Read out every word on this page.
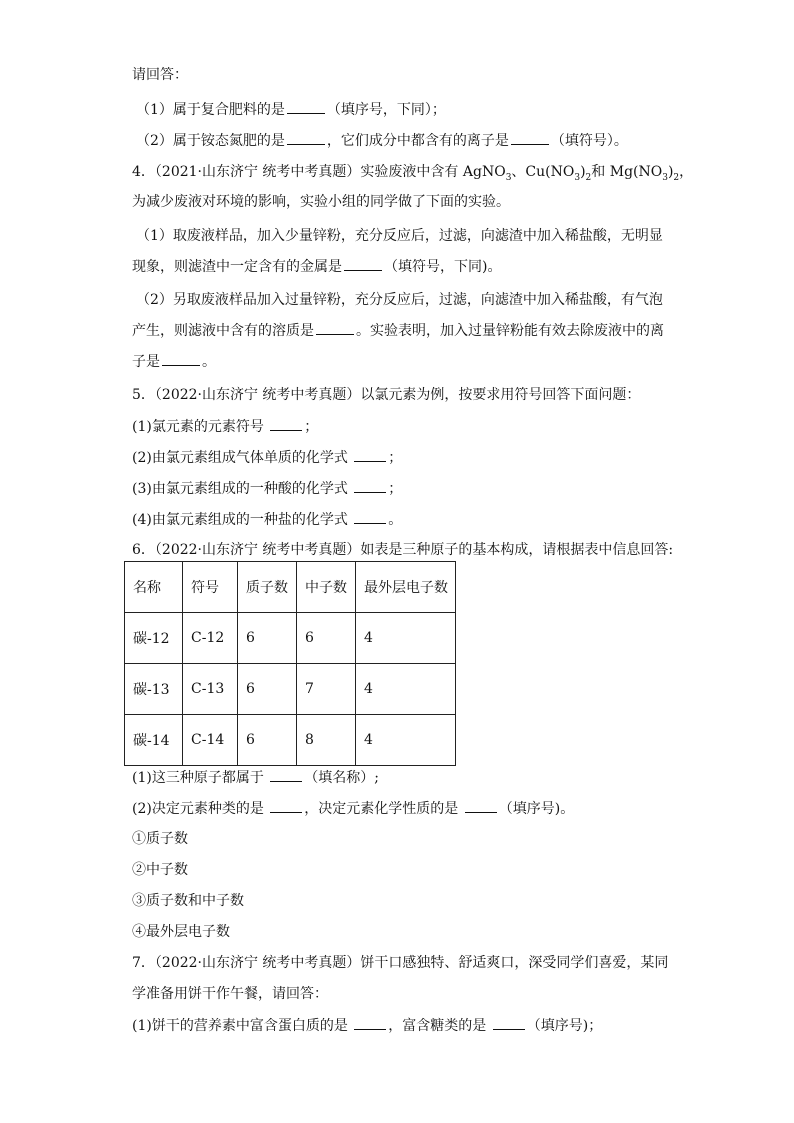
请回答：
（1）属于复合肥料的是	（填序号，下同）；
（2）属于铵态氮肥的是	，它们成分中都含有的离子是	（填符号）。
4．（2021·山东济宁 统考中考真题）实验废液中含有 AgNO$_3$、$Cu(NO_3)_2$和 $Mg(NO_3)_2$，
为减少废液对环境的影响，实验小组的同学做了下面的实验。
（1）取废液样品，加入少量锌粉，充分反应后，过滤，向滤渣中加入稀盐酸，无明显
现象，则滤渣中一定含有的金属是	（填符号，下同)。
（2）另取废液样品加入过量锌粉，充分反应后，过滤，向滤渣中加入稀盐酸，有气泡
产生，则滤液中含有的溶质是	。实验表明，加入过量锌粉能有效去除废液中的离
子是	。
5．（2022·山东济宁 统考中考真题）以氯元素为例，按要求用符号回答下面问题：
(1)氯元素的元素符号	；
(2)由氯元素组成气体单质的化学式	；
(3)由氯元素组成的一种酸的化学式	；
(4)由氯元素组成的一种盐的化学式	。
6．（2022·山东济宁 统考中考真题）如表是三种原子的基本构成，请根据表中信息回答:
名称	符号	质子数	中子数	最外层电子数
碳-12	C-12	6	6	4
碳-13	C-13	6	7	4
碳-14	C-14	6	8	4
(1)这三种原子都属于	（填名称）;
(2)决定元素种类的是	，决定元素化学性质的是	（填序号)。
①质子数
②中子数
③质子数和中子数
④最外层电子数
7．（2022·山东济宁 统考中考真题）饼干口感独特、舒适爽口，深受同学们喜爱，某同
学准备用饼干作午餐，请回答：
(1)饼干的营养素中富含蛋白质的是	，富含糖类的是	（填序号)；
